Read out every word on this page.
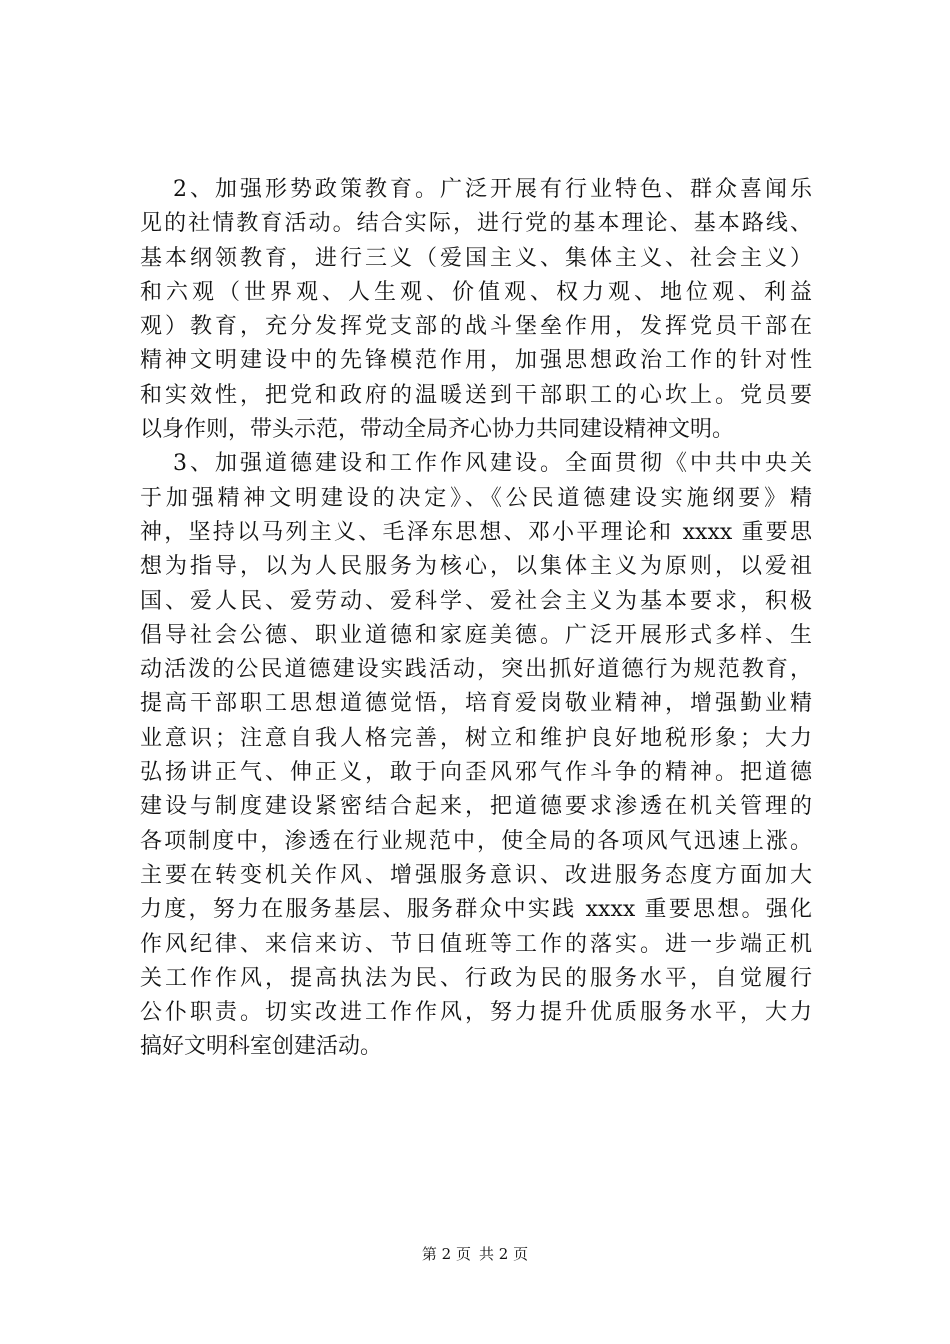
2、加强形势政策教育。广泛开展有行业特色、群众喜闻乐
见的社情教育活动。结合实际，进行党的基本理论、基本路线、
基本纲领教育，进行三义（爱国主义、集体主义、社会主义）
和六观（世界观、人生观、价值观、权力观、地位观、利益
观）教育，充分发挥党支部的战斗堡垒作用，发挥党员干部在
精神文明建设中的先锋模范作用，加强思想政治工作的针对性
和实效性，把党和政府的温暖送到干部职工的心坎上。党员要
以身作则，带头示范，带动全局齐心协力共同建设精神文明。
3、加强道德建设和工作作风建设。全面贯彻《中共中央关
于加强精神文明建设的决定》、《公民道德建设实施纲要》精
神，坚持以马列主义、毛泽东思想、邓小平理论和 xxxx 重要思
想为指导，以为人民服务为核心，以集体主义为原则，以爱祖
国、爱人民、爱劳动、爱科学、爱社会主义为基本要求，积极
倡导社会公德、职业道德和家庭美德。广泛开展形式多样、生
动活泼的公民道德建设实践活动，突出抓好道德行为规范教育，
提高干部职工思想道德觉悟，培育爱岗敬业精神，增强勤业精
业意识；注意自我人格完善，树立和维护良好地税形象；大力
弘扬讲正气、伸正义，敢于向歪风邪气作斗争的精神。把道德
建设与制度建设紧密结合起来，把道德要求渗透在机关管理的
各项制度中，渗透在行业规范中，使全局的各项风气迅速上涨。
主要在转变机关作风、增强服务意识、改进服务态度方面加大
力度，努力在服务基层、服务群众中实践 xxxx 重要思想。强化
作风纪律、来信来访、节日值班等工作的落实。进一步端正机
关工作作风，提高执法为民、行政为民的服务水平，自觉履行
公仆职责。切实改进工作作风，努力提升优质服务水平，大力
搞好文明科室创建活动。
第 2 页 共 2 页
